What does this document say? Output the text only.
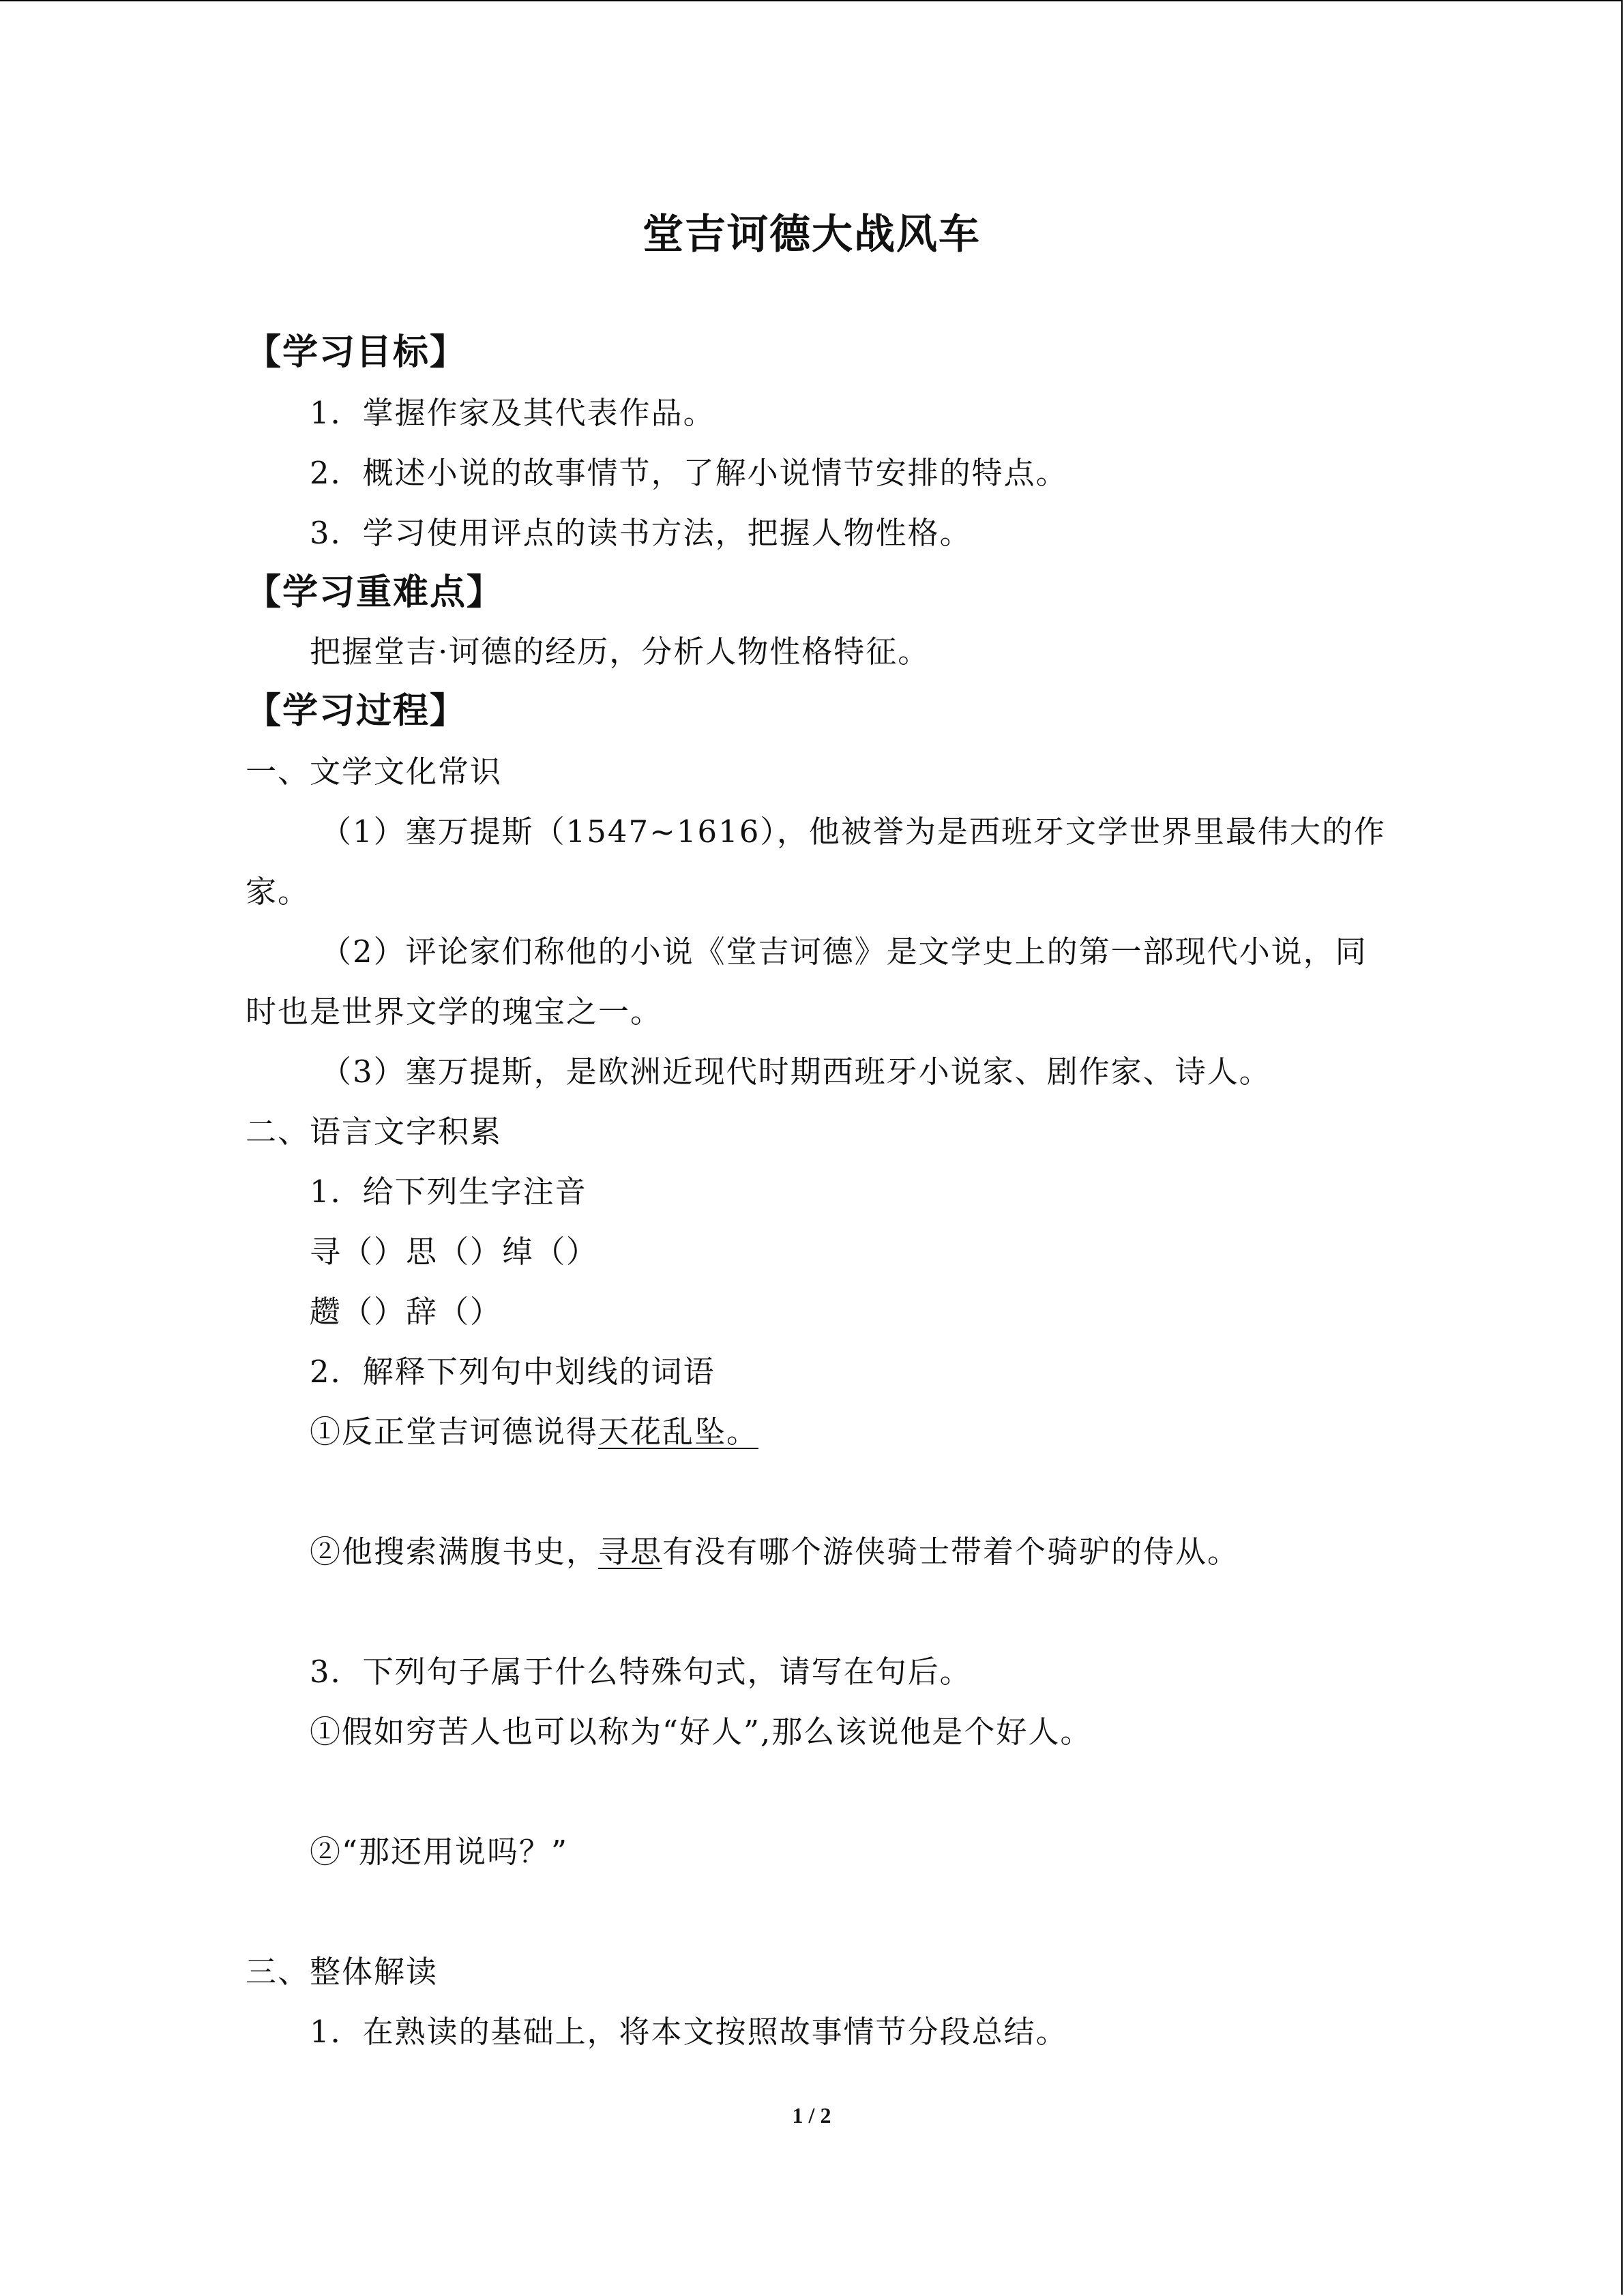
堂吉诃德大战风车
【学习目标】
1．掌握作家及其代表作品。
2．概述小说的故事情节，了解小说情节安排的特点。
3．学习使用评点的读书方法，把握人物性格。
【学习重难点】
把握堂吉·诃德的经历，分析人物性格特征。
【学习过程】
一、文学文化常识
（1）塞万提斯（1547~1616），他被誉为是西班牙文学世界里最伟大的作
家。
（2）评论家们称他的小说《堂吉诃德》是文学史上的第一部现代小说，同
时也是世界文学的瑰宝之一。
（3）塞万提斯，是欧洲近现代时期西班牙小说家、剧作家、诗人。
二、语言文字积累
1．给下列生字注音
寻（）思（）绰（）
趱（）辞（）
2．解释下列句中划线的词语
①反正堂吉诃德说得天花乱坠。
②他搜索满腹书史，寻思有没有哪个游侠骑士带着个骑驴的侍从。
3．下列句子属于什么特殊句式，请写在句后。
①假如穷苦人也可以称为“好人”,那么该说他是个好人。
②“那还用说吗？”
三、整体解读
1．在熟读的基础上，将本文按照故事情节分段总结。
1 / 2
